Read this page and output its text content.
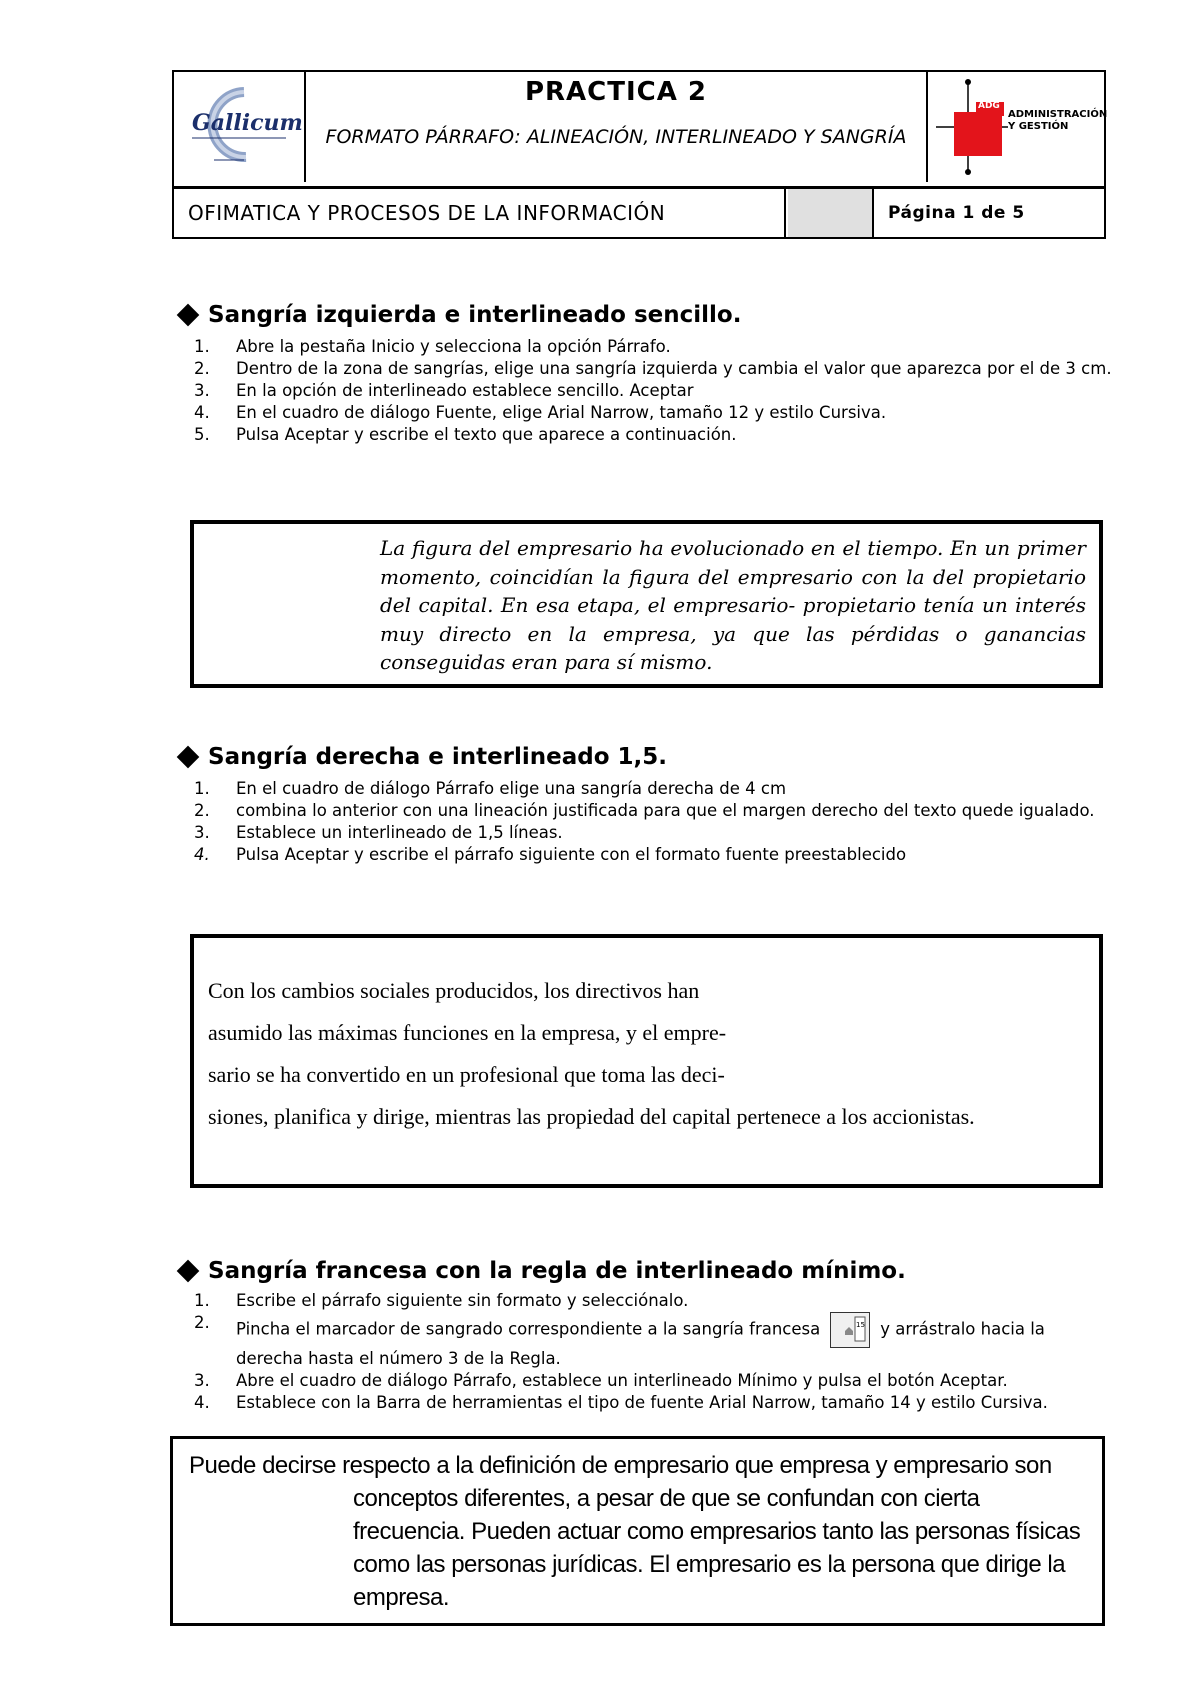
Gallicum
PRACTICA 2
FORMATO PÁRRAFO: ALINEACIÓN, INTERLINEADO Y SANGRÍA
ADG
ADMINISTRACIÓN
Y GESTIÓN
OFIMATICA Y PROCESOS DE LA INFORMACIÓN	Página 1 de 5
Sangría izquierda e interlineado sencillo.
1.	Abre la pestaña Inicio y selecciona la opción Párrafo.
2.	Dentro de la zona de sangrías, elige una sangría izquierda y cambia el valor que aparezca por el de 3 cm.
3.	En la opción de interlineado establece sencillo. Aceptar
4.	En el cuadro de diálogo Fuente, elige Arial Narrow, tamaño 12 y estilo Cursiva.
5.	Pulsa Aceptar y escribe el texto que aparece a continuación.
La figura del empresario ha evolucionado en el tiempo. En un primer momento, coincidían la figura del empresario con la del propietario del capital. En esa etapa, el empresario- propietario tenía un interés muy directo en la empresa, ya que las pérdidas o ganancias conseguidas eran para sí mismo.
Sangría derecha e interlineado 1,5.
1.	En el cuadro de diálogo Párrafo elige una sangría derecha de 4 cm
2.	combina lo anterior con una lineación justificada para que el margen derecho del texto quede igualado.
3.	Establece un interlineado de 1,5 líneas.
4.	Pulsa Aceptar y escribe el párrafo siguiente con el formato fuente preestablecido
Con los cambios sociales producidos, los directivos han
asumido las máximas funciones en la empresa, y el empre-
sario se ha convertido en un profesional que toma las deci-
siones, planifica y dirige, mientras las propiedad del capital pertenece a los accionistas.
Sangría francesa con la regla de interlineado mínimo.
1.	Escribe el párrafo siguiente sin formato y selecciónalo.
2.	Pincha el marcador de sangrado correspondiente a la sangría francesa	15 y arrástralo hacia la derecha hasta el número 3 de la Regla.
3.	Abre el cuadro de diálogo Párrafo, establece un interlineado Mínimo y pulsa el botón Aceptar.
4.	Establece con la Barra de herramientas el tipo de fuente Arial Narrow, tamaño 14 y estilo Cursiva.
Puede decirse respecto a la definición de empresario que empresa y empresario son
conceptos diferentes, a pesar de que se confundan con cierta frecuencia. Pueden actuar como empresarios tanto las personas físicas como las personas jurídicas. El empresario es la persona que dirige la empresa.
